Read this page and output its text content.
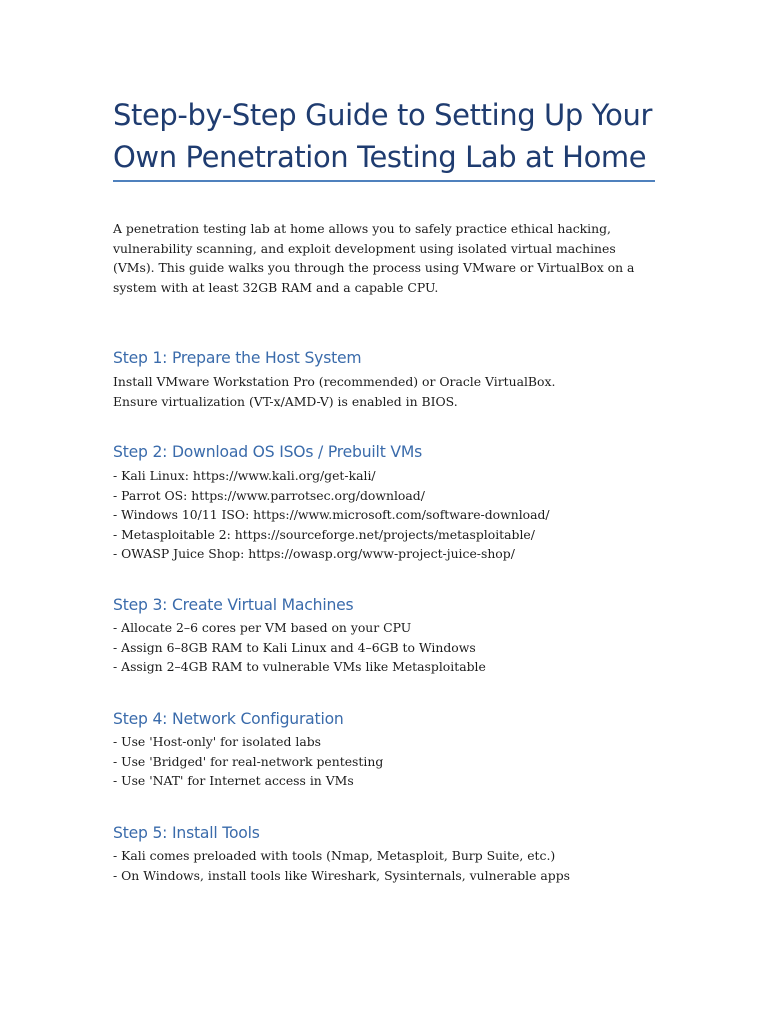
Step-by-Step Guide to Setting Up Your Own Penetration Testing Lab at Home

A penetration testing lab at home allows you to safely practice ethical hacking, vulnerability scanning, and exploit development using isolated virtual machines (VMs). This guide walks you through the process using VMware or VirtualBox on a system with at least 32GB RAM and a capable CPU.

Step 1: Prepare the Host System

Install VMware Workstation Pro (recommended) or Oracle VirtualBox. Ensure virtualization (VT-x/AMD-V) is enabled in BIOS.

Step 2: Download OS ISOs / Prebuilt VMs
- Kali Linux: https://www.kali.org/get-kali/
- Parrot OS: https://www.parrotsec.org/download/
- Windows 10/11 ISO: https://www.microsoft.com/software-download/
- Metasploitable 2: https://sourceforge.net/projects/metasploitable/
- OWASP Juice Shop: https://owasp.org/www-project-juice-shop/
Step 3: Create Virtual Machines
- Allocate 2–6 cores per VM based on your CPU
- Assign 6–8GB RAM to Kali Linux and 4–6GB to Windows
- Assign 2–4GB RAM to vulnerable VMs like Metasploitable
Step 4: Network Configuration
- Use 'Host-only' for isolated labs
- Use 'Bridged' for real-network pentesting
- Use 'NAT' for Internet access in VMs
Step 5: Install Tools
- Kali comes preloaded with tools (Nmap, Metasploit, Burp Suite, etc.)
- On Windows, install tools like Wireshark, Sysinternals, vulnerable apps
